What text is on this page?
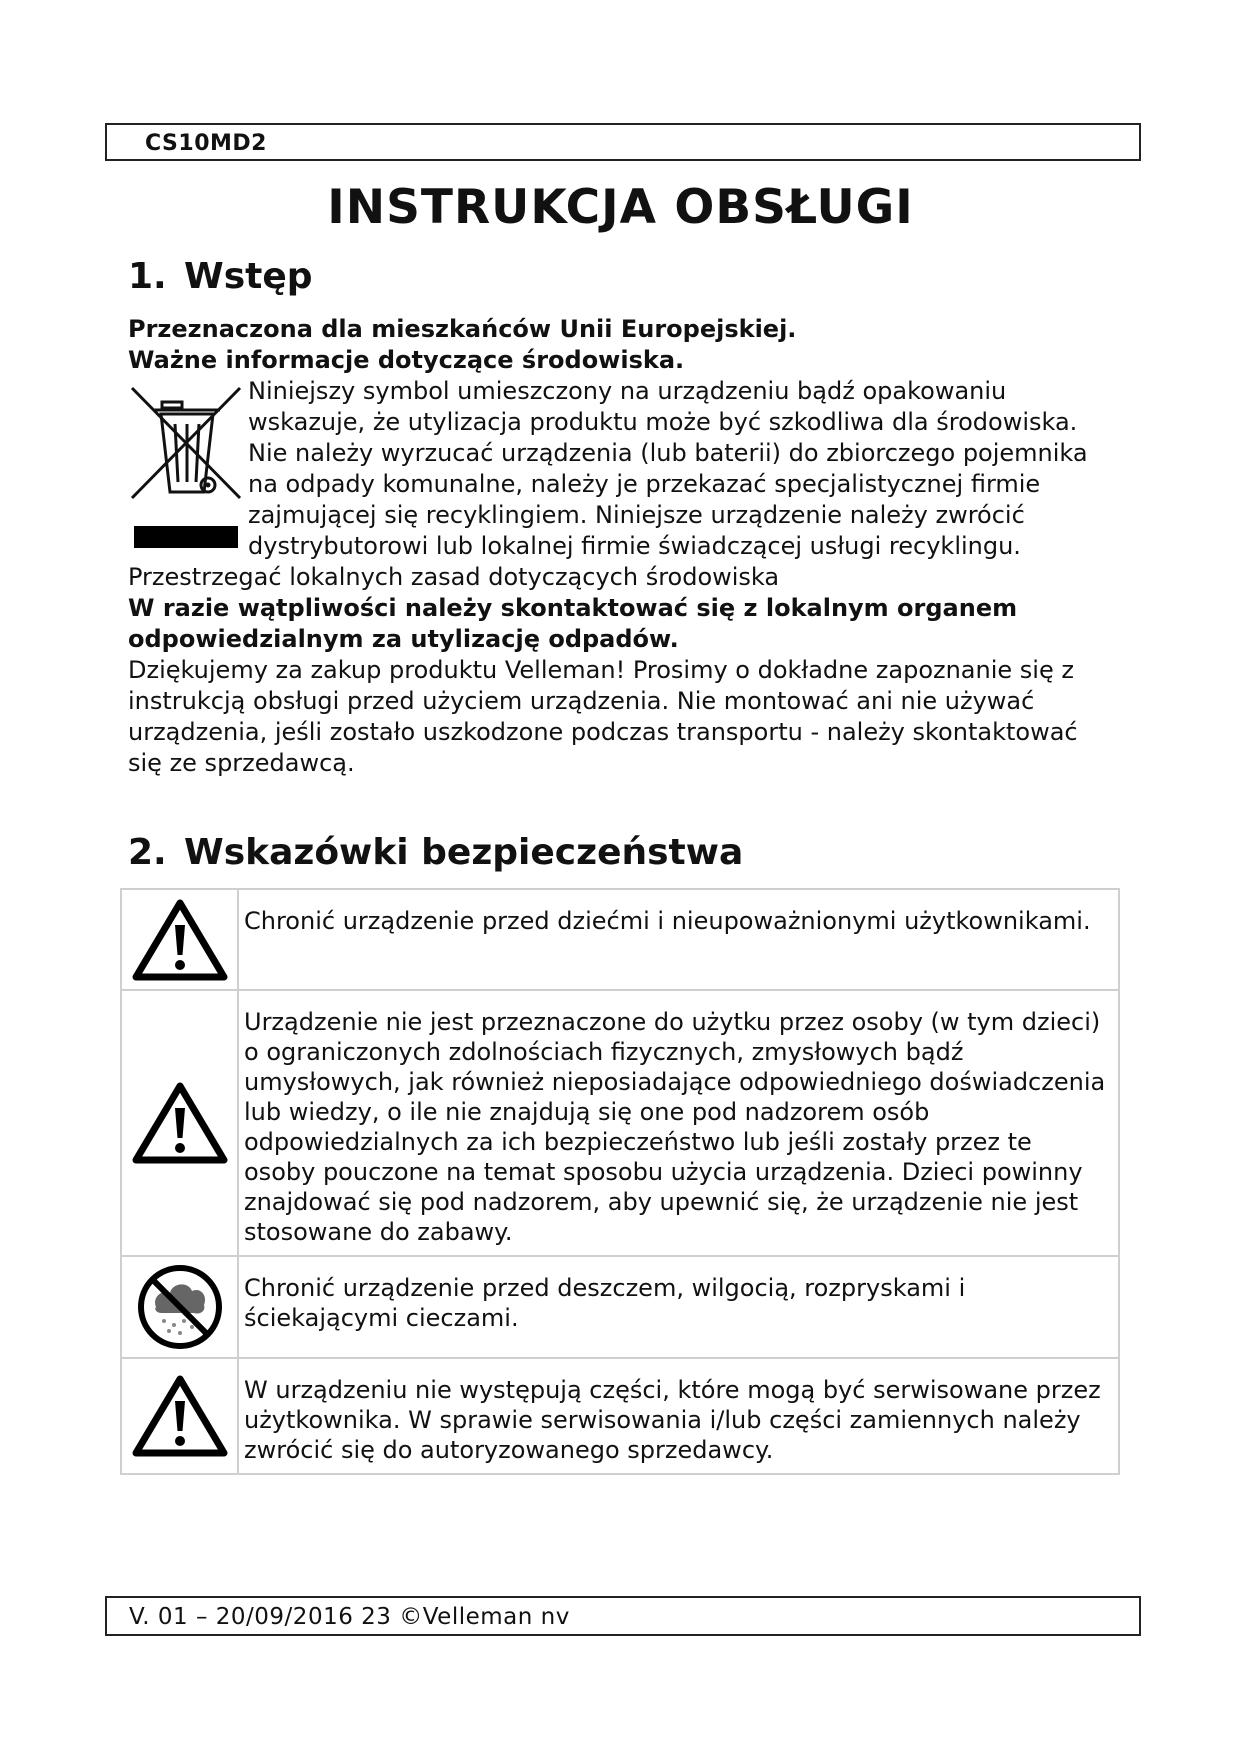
CS10MD2
INSTRUKCJA OBSŁUGI
1. Wstęp

Przeznaczona dla mieszkańców Unii Europejskiej.

Ważne informacje dotyczące środowiska.

Niniejszy symbol umieszczony na urządzeniu bądź opakowaniu wskazuje, że utylizacja produktu może być szkodliwa dla środowiska. Nie należy wyrzucać urządzenia (lub baterii) do zbiorczego pojemnika na odpady komunalne, należy je przekazać specjalistycznej firmie zajmującej się recyklingiem. Niniejsze urządzenie należy zwrócić dystrybutorowi lub lokalnej firmie świadczącej usługi recyklingu. Przestrzegać lokalnych zasad dotyczących środowiska

W razie wątpliwości należy skontaktować się z lokalnym organem odpowiedzialnym za utylizację odpadów.

Dziękujemy za zakup produktu Velleman! Prosimy o dokładne zapoznanie się z instrukcją obsługi przed użyciem urządzenia. Nie montować ani nie używać urządzenia, jeśli zostało uszkodzone podczas transportu - należy skontaktować się ze sprzedawcą.

2. Wskazówki bezpieczeństwa
	Chronić urządzenie przed dziećmi i nieupoważnionymi użytkownikami.
	Urządzenie nie jest przeznaczone do użytku przez osoby (w tym dzieci) o ograniczonych zdolnościach fizycznych, zmysłowych bądź umysłowych, jak również nieposiadające odpowiedniego doświadczenia lub wiedzy, o ile nie znajdują się one pod nadzorem osób odpowiedzialnych za ich bezpieczeństwo lub jeśli zostały przez te osoby pouczone na temat sposobu użycia urządzenia. Dzieci powinny znajdować się pod nadzorem, aby upewnić się, że urządzenie nie jest stosowane do zabawy.
	Chronić urządzenie przed deszczem, wilgocią, rozpryskami i ściekającymi cieczami.
	W urządzeniu nie występują części, które mogą być serwisowane przez użytkownika. W sprawie serwisowania i/lub części zamiennych należy zwrócić się do autoryzowanego sprzedawcy.
V. 01 – 20/09/2016 23 ©Velleman nv
